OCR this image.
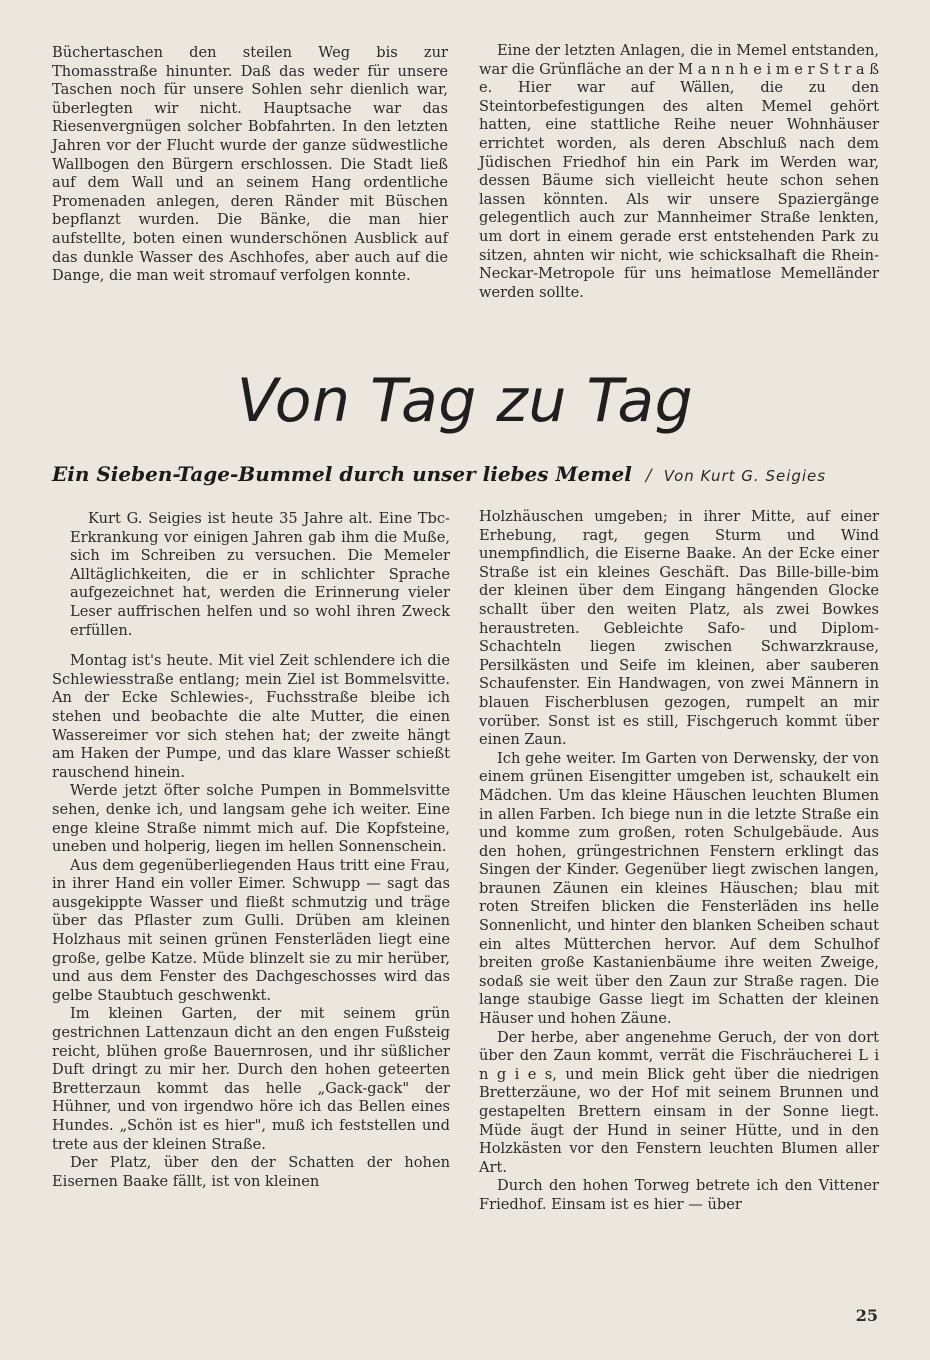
Büchertaschen den steilen Weg bis zur Thomasstraße hinunter. Daß das weder für unsere Taschen noch für unsere Sohlen sehr dienlich war, überlegten wir nicht. Hauptsache war das Riesenvergnügen solcher Bobfahrten. In den letzten Jahren vor der Flucht wurde der ganze südwestliche Wallbogen den Bürgern erschlossen. Die Stadt ließ auf dem Wall und an seinem Hang ordentliche Promenaden anlegen, deren Ränder mit Büschen bepflanzt wurden. Die Bänke, die man hier aufstellte, boten einen wunderschönen Ausblick auf das dunkle Wasser des Aschhofes, aber auch auf die Dange, die man weit stromauf verfolgen konnte.

Eine der letzten Anlagen, die in Memel entstanden, war die Grünfläche an der M a n n h e i m e r S t r a ß e. Hier war auf Wällen, die zu den Steintorbefestigungen des alten Memel gehört hatten, eine stattliche Reihe neuer Wohnhäuser errichtet worden, als deren Abschluß nach dem Jüdischen Friedhof hin ein Park im Werden war, dessen Bäume sich vielleicht heute schon sehen lassen könnten. Als wir unsere Spaziergänge gelegentlich auch zur Mannheimer Straße lenkten, um dort in einem gerade erst entstehenden Park zu sitzen, ahnten wir nicht, wie schicksalhaft die Rhein-Neckar-Metropole für uns heimatlose Memelländer werden sollte.

Von Tag zu Tag
Ein Sieben-Tage-Bummel durch unser liebes Memel / Von Kurt G. Seigies

Kurt G. Seigies ist heute 35 Jahre alt. Eine Tbc-Erkrankung vor einigen Jahren gab ihm die Muße, sich im Schreiben zu versuchen. Die Memeler Alltäglichkeiten, die er in schlichter Sprache aufgezeichnet hat, werden die Erinnerung vieler Leser auffrischen helfen und so wohl ihren Zweck erfüllen.

Montag ist's heute. Mit viel Zeit schlendere ich die Schlewiesstraße entlang; mein Ziel ist Bommelsvitte. An der Ecke Schlewies-, Fuchsstraße bleibe ich stehen und beobachte die alte Mutter, die einen Wassereimer vor sich stehen hat; der zweite hängt am Haken der Pumpe, und das klare Wasser schießt rauschend hinein.

Werde jetzt öfter solche Pumpen in Bommelsvitte sehen, denke ich, und langsam gehe ich weiter. Eine enge kleine Straße nimmt mich auf. Die Kopfsteine, uneben und holperig, liegen im hellen Sonnenschein.

Aus dem gegenüberliegenden Haus tritt eine Frau, in ihrer Hand ein voller Eimer. Schwupp — sagt das ausgekippte Wasser und fließt schmutzig und träge über das Pflaster zum Gulli. Drüben am kleinen Holzhaus mit seinen grünen Fensterläden liegt eine große, gelbe Katze. Müde blinzelt sie zu mir herüber, und aus dem Fenster des Dachgeschosses wird das gelbe Staubtuch geschwenkt.

Im kleinen Garten, der mit seinem grün gestrichnen Lattenzaun dicht an den engen Fußsteig reicht, blühen große Bauernrosen, und ihr süßlicher Duft dringt zu mir her. Durch den hohen geteerten Bretterzaun kommt das helle „Gack-gack" der Hühner, und von irgendwo höre ich das Bellen eines Hundes. „Schön ist es hier", muß ich feststellen und trete aus der kleinen Straße.

Der Platz, über den der Schatten der hohen Eisernen Baake fällt, ist von kleinen

Holzhäuschen umgeben; in ihrer Mitte, auf einer Erhebung, ragt, gegen Sturm und Wind unempfindlich, die Eiserne Baake. An der Ecke einer Straße ist ein kleines Geschäft. Das Bille-bille-bim der kleinen über dem Eingang hängenden Glocke schallt über den weiten Platz, als zwei Bowkes heraustreten. Gebleichte Safo- und Diplom-Schachteln liegen zwischen Schwarzkrause, Persilkästen und Seife im kleinen, aber sauberen Schaufenster. Ein Handwagen, von zwei Männern in blauen Fischerblusen gezogen, rumpelt an mir vorüber. Sonst ist es still, Fischgeruch kommt über einen Zaun.

Ich gehe weiter. Im Garten von Derwensky, der von einem grünen Eisengitter umgeben ist, schaukelt ein Mädchen. Um das kleine Häuschen leuchten Blumen in allen Farben. Ich biege nun in die letzte Straße ein und komme zum großen, roten Schulgebäude. Aus den hohen, grüngestrichnen Fenstern erklingt das Singen der Kinder. Gegenüber liegt zwischen langen, braunen Zäunen ein kleines Häuschen; blau mit roten Streifen blicken die Fensterläden ins helle Sonnenlicht, und hinter den blanken Scheiben schaut ein altes Mütterchen hervor. Auf dem Schulhof breiten große Kastanienbäume ihre weiten Zweige, sodaß sie weit über den Zaun zur Straße ragen. Die lange staubige Gasse liegt im Schatten der kleinen Häuser und hohen Zäune.

Der herbe, aber angenehme Geruch, der von dort über den Zaun kommt, verrät die Fischräucherei L i n g i e s, und mein Blick geht über die niedrigen Bretterzäune, wo der Hof mit seinem Brunnen und gestapelten Brettern einsam in der Sonne liegt. Müde äugt der Hund in seiner Hütte, und in den Holzkästen vor den Fenstern leuchten Blumen aller Art.

Durch den hohen Torweg betrete ich den Vittener Friedhof. Einsam ist es hier — über

25
